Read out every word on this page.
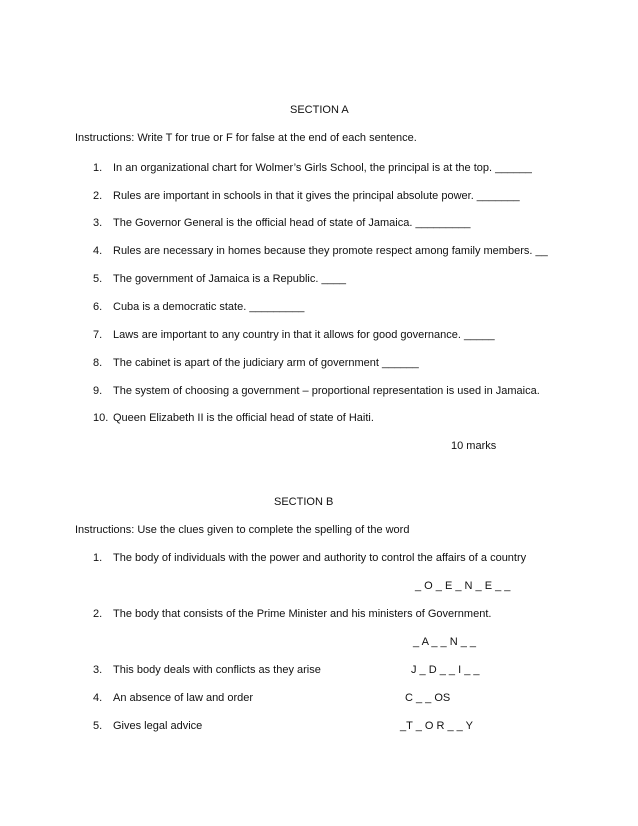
SECTION A
Instructions: Write T for true or F for false at the end of each sentence.
1. In an organizational chart for Wolmer’s Girls School, the principal is at the top. ______
2. Rules are important in schools in that it gives the principal absolute power. _______
3. The Governor General is the official head of state of Jamaica. _________
4. Rules are necessary in homes because they promote respect among family members. __
5. The government of Jamaica is a Republic. ____
6. Cuba is a democratic state. _________
7. Laws are important to any country in that it allows for good governance. _____
8. The cabinet is apart of the judiciary arm of government ______
9. The system of choosing a government – proportional representation is used in Jamaica.
10. Queen Elizabeth II is the official head of state of Haiti.
10 marks
SECTION B
Instructions: Use the clues given to complete the spelling of the word
1. The body of individuals with the power and authority to control the affairs of a country
_ O _ E _ N _ E _ _
2. The body that consists of the Prime Minister and his ministers of Government.
_ A _ _ N _ _
3. This body deals with conflicts as they arise	J _ D _ _ I _ _
4. An absence of law and order	C _ _ OS
5. Gives legal advice	_T _ O R _ _ Y
